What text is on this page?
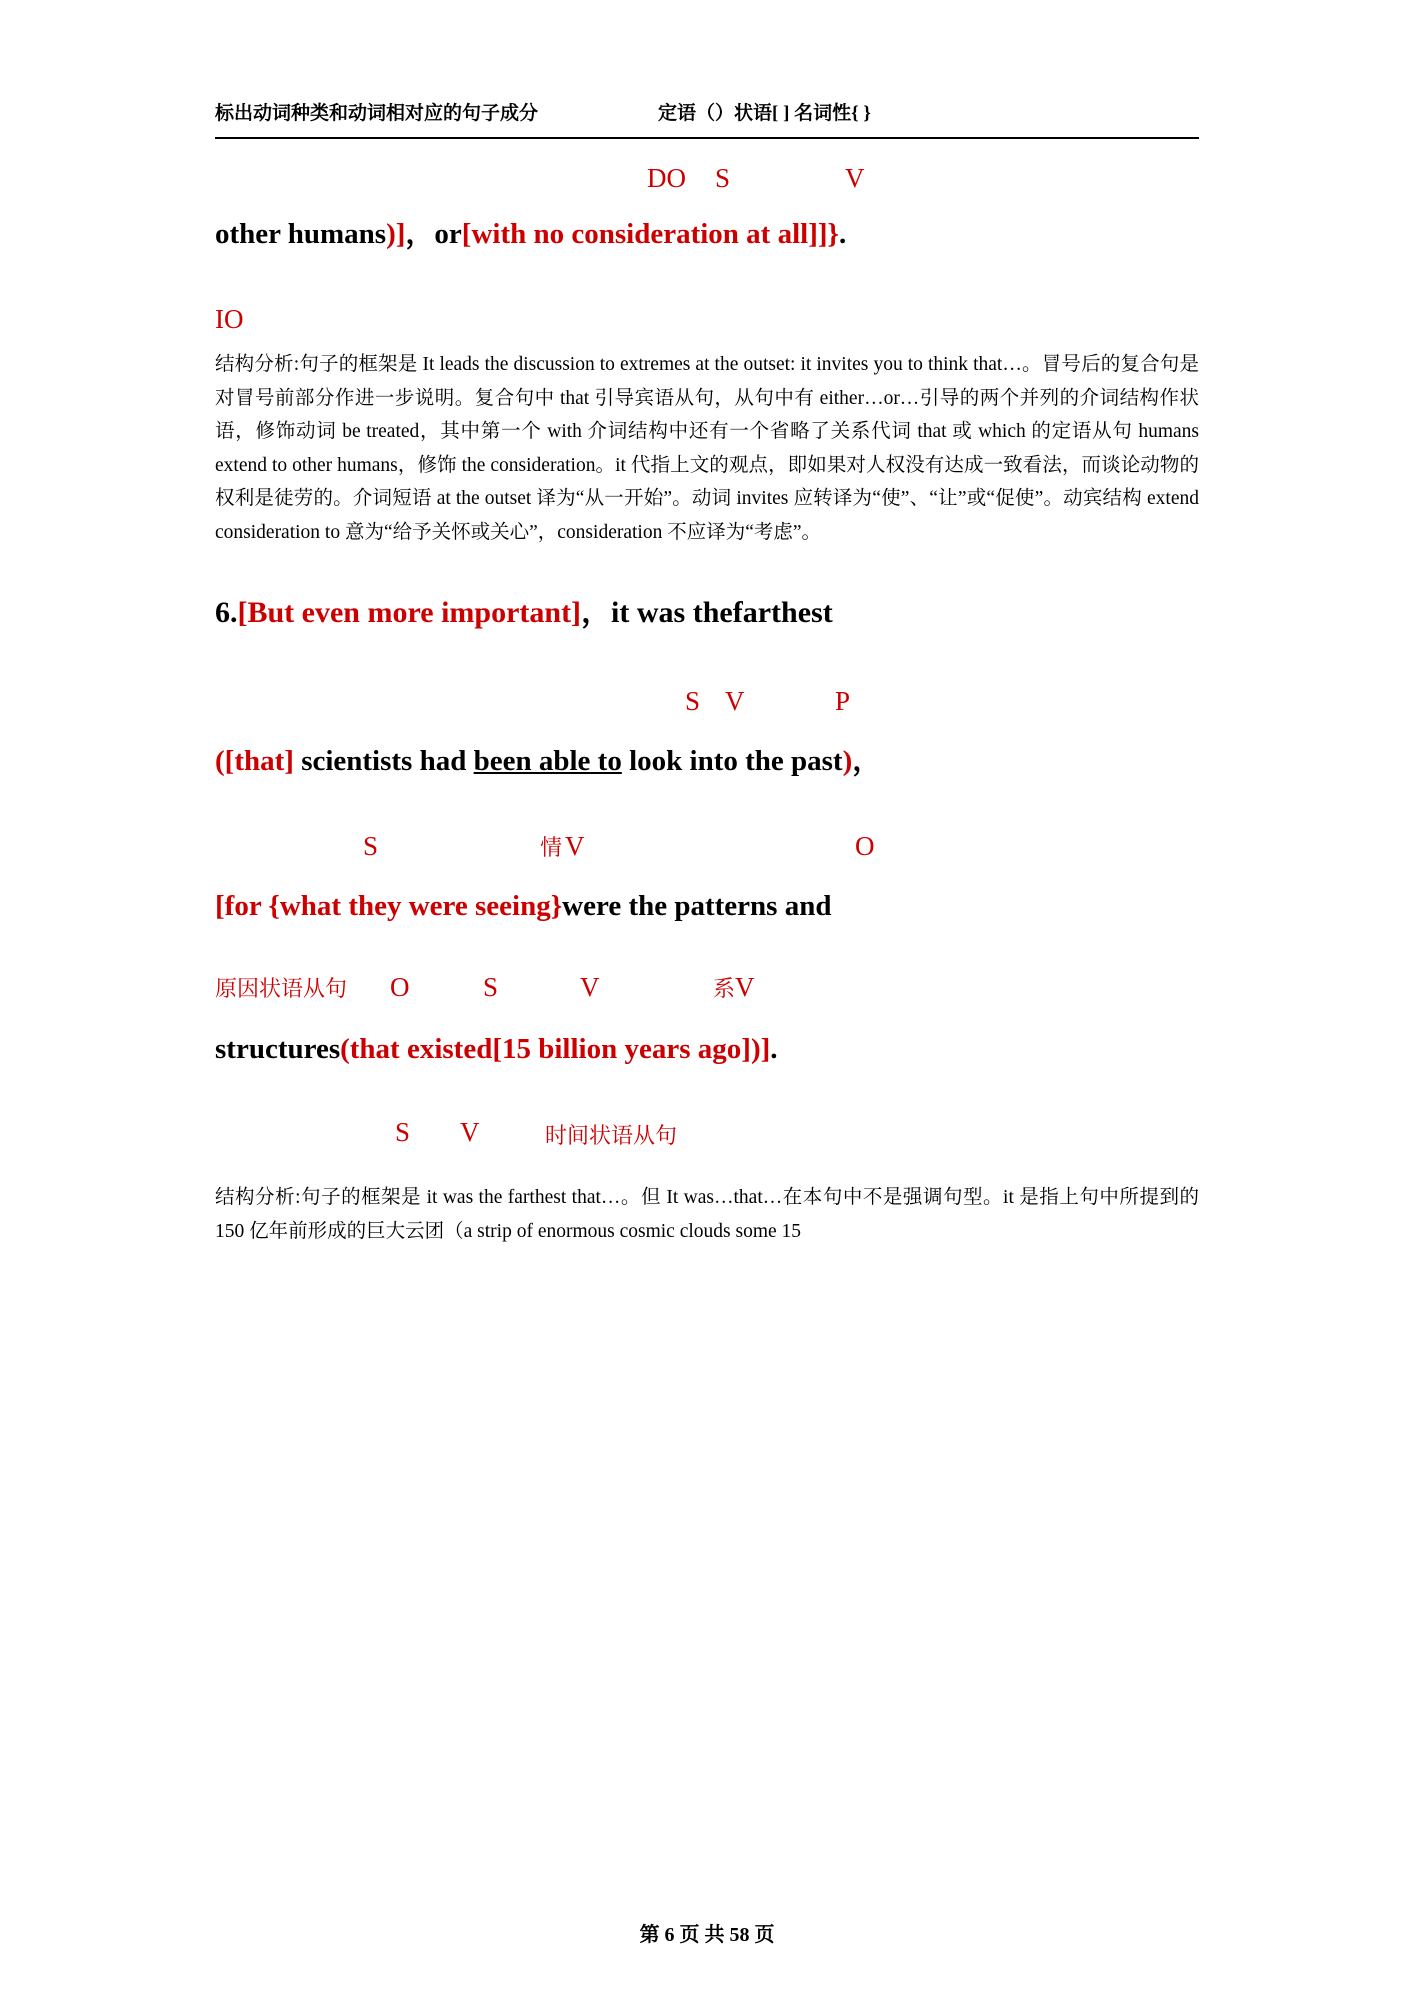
标出动词种类和动词相对应的句子成分	定语（）状语[ ] 名词性{ }
DO S	V
other humans)]，or[with no consideration at all]]}.
IO
结构分析:句子的框架是 It leads the discussion to extremes at the outset: it invites you to think that…。冒号后的复合句是对冒号前部分作进一步说明。复合句中 that 引导宾语从句，从句中有 either…or…引导的两个并列的介词结构作状语，修饰动词 be treated，其中第一个 with 介词结构中还有一个省略了关系代词 that 或 which 的定语从句 humans extend to other humans，修饰 the consideration。it 代指上文的观点，即如果对人权没有达成一致看法，而谈论动物的权利是徒劳的。介词短语 at the outset 译为“从一开始”。动词 invites 应转译为“使”、“让”或“促使”。动宾结构 extend consideration to 意为“给予关怀或关心”，consideration 不应译为“考虑”。
6.[But even more important]，it was thefarthest
S V	P
([that] scientists had been able to look into the past)，
S	情 V	O
[for {what they were seeing}were the patterns and
原因状语从句 O	S	V	系 V
structures(that existed[15 billion years ago])].
S V	时间状语从句
结构分析:句子的框架是 it was the farthest that…。但 It was…that…在本句中不是强调句型。it 是指上句中所提到的 150 亿年前形成的巨大云团（a strip of enormous cosmic clouds some 15
第 6 页 共 58 页
